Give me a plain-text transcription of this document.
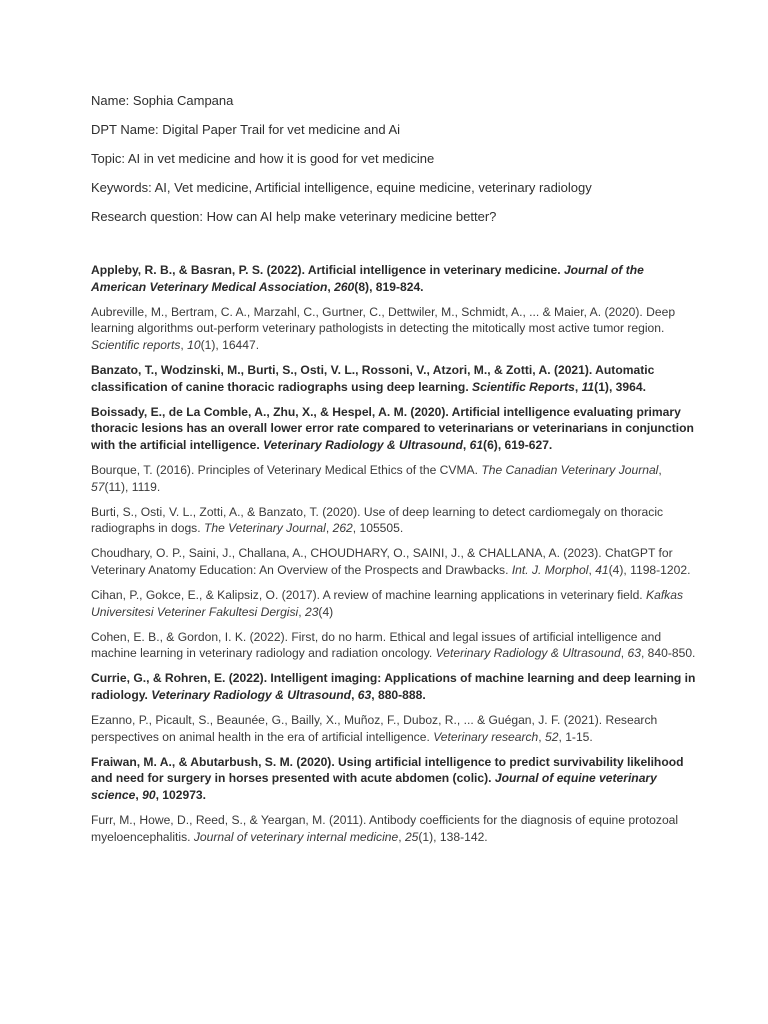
Name: Sophia Campana

DPT Name: Digital Paper Trail for vet medicine and Ai

Topic: AI in vet medicine and how it is good for vet medicine

Keywords: AI, Vet medicine, Artificial intelligence, equine medicine, veterinary radiology

Research question: How can AI help make veterinary medicine better?

Appleby, R. B., & Basran, P. S. (2022). Artificial intelligence in veterinary medicine. Journal of the American Veterinary Medical Association, 260(8), 819-824.

Aubreville, M., Bertram, C. A., Marzahl, C., Gurtner, C., Dettwiler, M., Schmidt, A., ... & Maier, A. (2020). Deep learning algorithms out-perform veterinary pathologists in detecting the mitotically most active tumor region. Scientific reports, 10(1), 16447.

Banzato, T., Wodzinski, M., Burti, S., Osti, V. L., Rossoni, V., Atzori, M., & Zotti, A. (2021). Automatic classification of canine thoracic radiographs using deep learning. Scientific Reports, 11(1), 3964.

Boissady, E., de La Comble, A., Zhu, X., & Hespel, A. M. (2020). Artificial intelligence evaluating primary thoracic lesions has an overall lower error rate compared to veterinarians or veterinarians in conjunction with the artificial intelligence. Veterinary Radiology & Ultrasound, 61(6), 619-627.

Bourque, T. (2016). Principles of Veterinary Medical Ethics of the CVMA. The Canadian Veterinary Journal, 57(11), 1119.

Burti, S., Osti, V. L., Zotti, A., & Banzato, T. (2020). Use of deep learning to detect cardiomegaly on thoracic radiographs in dogs. The Veterinary Journal, 262, 105505.

Choudhary, O. P., Saini, J., Challana, A., CHOUDHARY, O., SAINI, J., & CHALLANA, A. (2023). ChatGPT for Veterinary Anatomy Education: An Overview of the Prospects and Drawbacks. Int. J. Morphol, 41(4), 1198-1202.

Cihan, P., Gokce, E., & Kalipsiz, O. (2017). A review of machine learning applications in veterinary field. Kafkas Universitesi Veteriner Fakultesi Dergisi, 23(4)

Cohen, E. B., & Gordon, I. K. (2022). First, do no harm. Ethical and legal issues of artificial intelligence and machine learning in veterinary radiology and radiation oncology. Veterinary Radiology & Ultrasound, 63, 840-850.

Currie, G., & Rohren, E. (2022). Intelligent imaging: Applications of machine learning and deep learning in radiology. Veterinary Radiology & Ultrasound, 63, 880-888.

Ezanno, P., Picault, S., Beaunée, G., Bailly, X., Muñoz, F., Duboz, R., ... & Guégan, J. F. (2021). Research perspectives on animal health in the era of artificial intelligence. Veterinary research, 52, 1-15.

Fraiwan, M. A., & Abutarbush, S. M. (2020). Using artificial intelligence to predict survivability likelihood and need for surgery in horses presented with acute abdomen (colic). Journal of equine veterinary science, 90, 102973.

Furr, M., Howe, D., Reed, S., & Yeargan, M. (2011). Antibody coefficients for the diagnosis of equine protozoal myeloencephalitis. Journal of veterinary internal medicine, 25(1), 138-142.
